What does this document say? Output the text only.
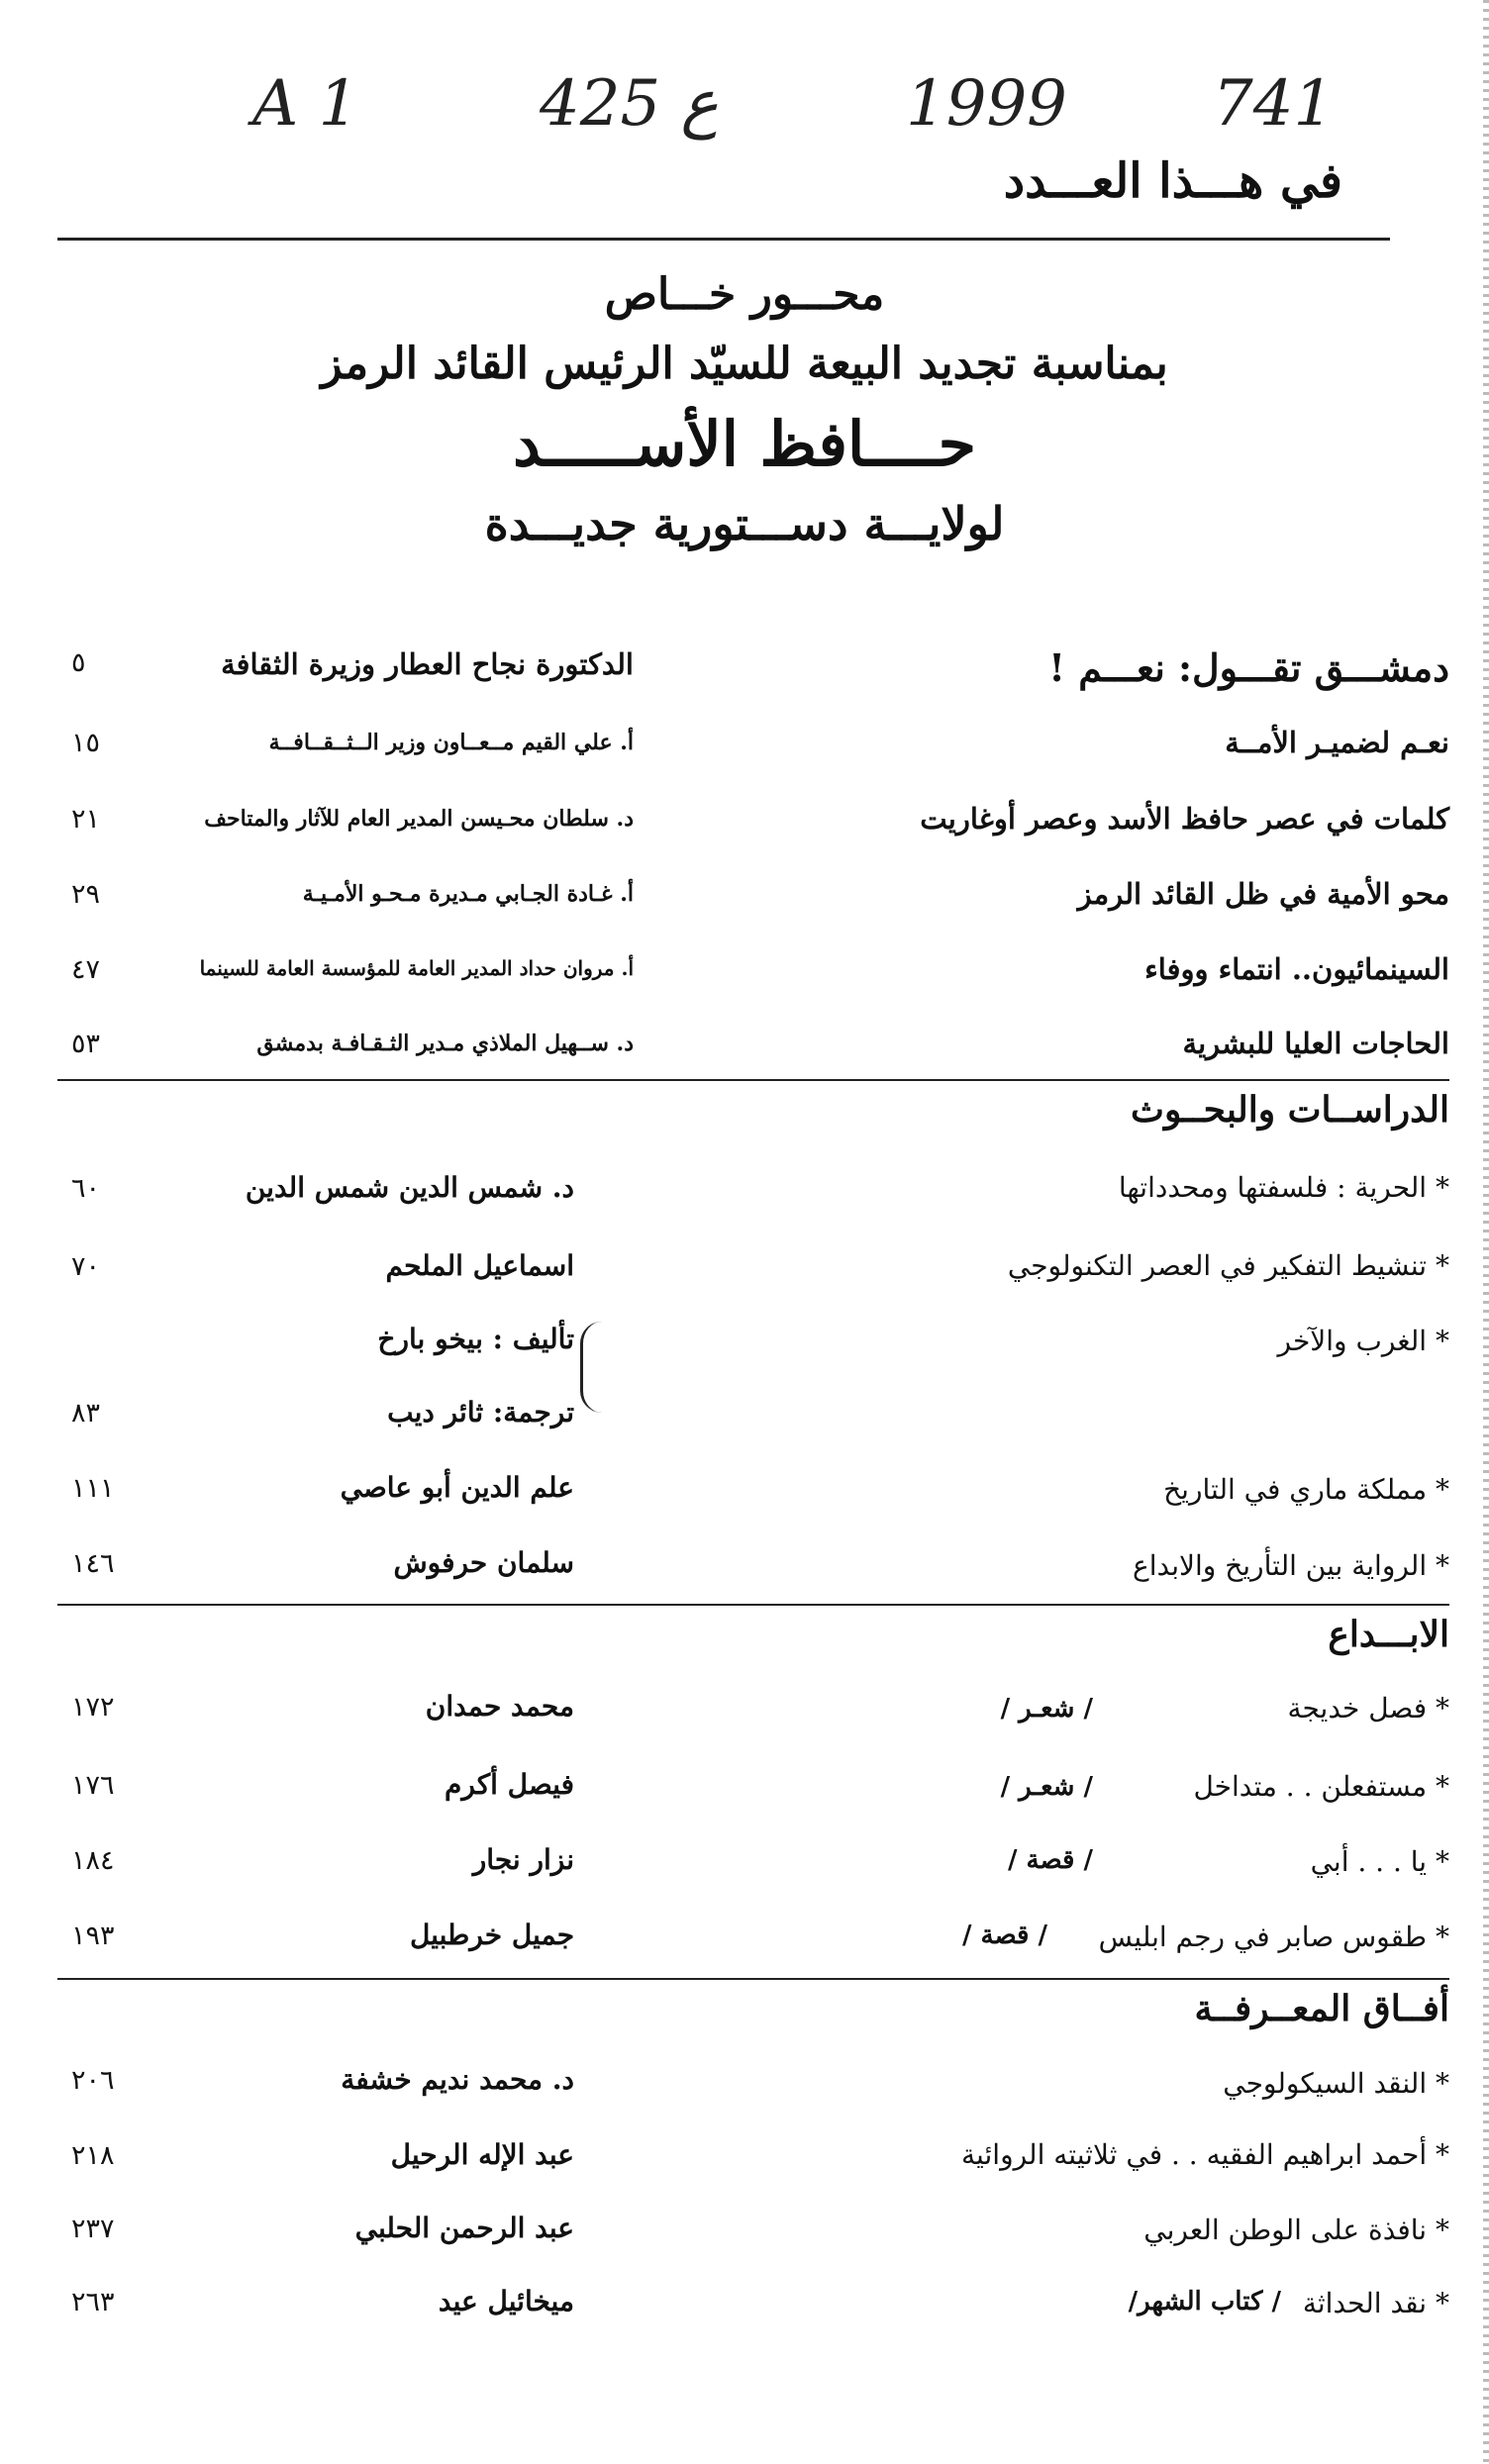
A 1	425 ع	1999 741
في هـــذا العـــدد
محـــور خـــاص
بمناسبة تجديد البيعة للسيّد الرئيس القائد الرمز
حــــافظ الأســـــد
لولايـــة دســـتورية جديـــدة
دمشـــق تقـــول: نعـــم !
الدكتورة نجاح العطار وزيرة الثقافة
٥
نعـم لضميـر الأمــة
أ. علي القيم مــعــاون وزير الــثــقــافــة
١٥
كلمات في عصر حافظ الأسد وعصر أوغاريت
د. سلطان محـيسن المدير العام للآثار والمتاحف
٢١
محو الأمية في ظل القائد الرمز
أ. غـادة الجـابي مـديرة مـحـو الأمـيـة
٢٩
السينمائيون.. انتماء ووفاء
أ. مروان حداد المدير العامة للمؤسسة العامة للسينما
٤٧
الحاجات العليا للبشرية
د. ســهيل الملاذي مـدير الثـقـافـة بدمشق
٥٣
الدراســات والبحــوث
* الحرية : فلسفتها ومحدداتها
د. شمس الدين شمس الدين
٦٠
* تنشيط التفكير في العصر التكنولوجي
اسماعيل الملحم
٧٠
* الغرب والآخر
تأليف : بيخو بارخ
ترجمة: ثائر ديب
٨٣
* مملكة ماري في التاريخ
علم الدين أبو عاصي
١١١
* الرواية بين التأريخ والابداع
سلمان حرفوش
١٤٦
الابـــداع
* فصل خديجة
/ شعـر /
محمد حمدان
١٧٢
* مستفعلن . . متداخل
/ شعـر /
فيصل أكرم
١٧٦
* يا . . . أبي
/ قصة /
نزار نجار
١٨٤
* طقوس صابر في رجم ابليس
/ قصة /
جميل خرطبيل
١٩٣
أفــاق المعــرفــة
* النقد السيكولوجي
د. محمد نديم خشفة
٢٠٦
* أحمد ابراهيم الفقيه . . في ثلاثيته الروائية
عبد الإله الرحيل
٢١٨
* نافذة على الوطن العربي
عبد الرحمن الحلبي
٢٣٧
* نقد الحداثة
/ كتاب الشهر/
ميخائيل عيد
٢٦٣
